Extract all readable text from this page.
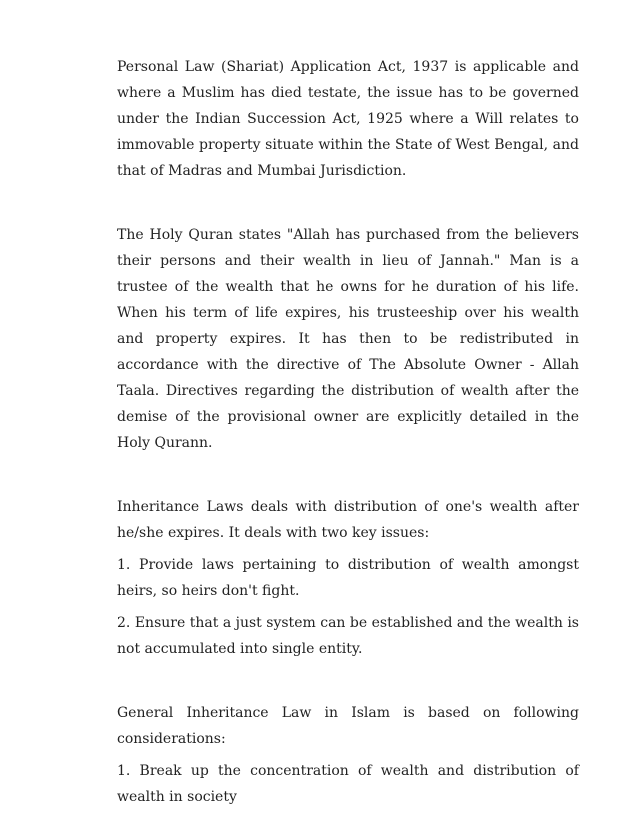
Personal Law (Shariat) Application Act, 1937 is applicable and where a Muslim has died testate, the issue has to be governed under the Indian Succession Act, 1925 where a Will relates to immovable property situate within the State of West Bengal, and that of Madras and Mumbai Jurisdiction.

The Holy Quran states "Allah has purchased from the believers their persons and their wealth in lieu of Jannah." Man is a trustee of the wealth that he owns for he duration of his life. When his term of life expires, his trusteeship over his wealth and property expires. It has then to be redistributed in accordance with the directive of The Absolute Owner - Allah Taala. Directives regarding the distribution of wealth after the demise of the provisional owner are explicitly detailed in the Holy Qurann.

Inheritance Laws deals with distribution of one's wealth after he/she expires. It deals with two key issues:

1. Provide laws pertaining to distribution of wealth amongst heirs, so heirs don't fight.

2. Ensure that a just system can be established and the wealth is not accumulated into single entity.

General Inheritance Law in Islam is based on following considerations:

1. Break up the concentration of wealth and distribution of wealth in society
